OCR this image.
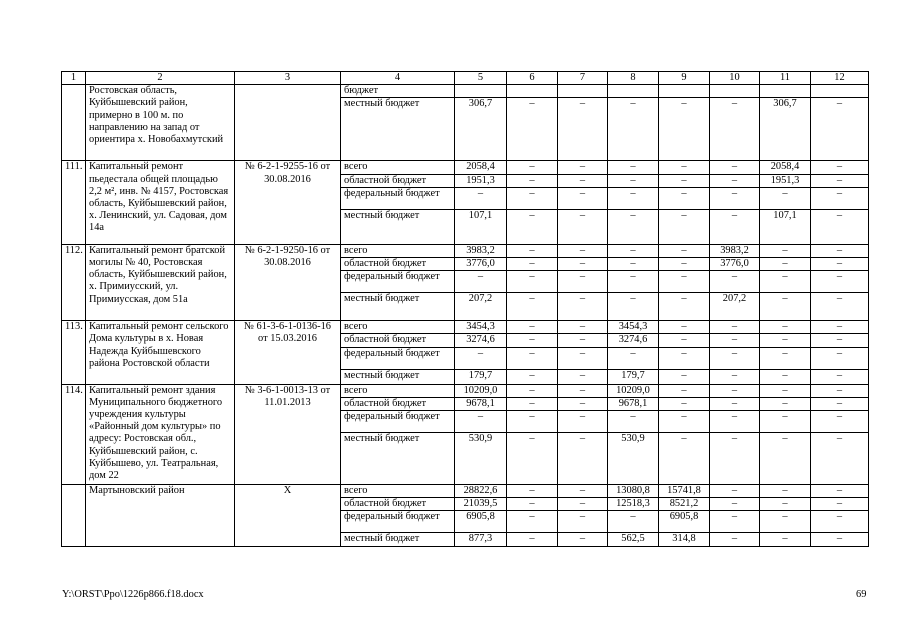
1	2	3	4	5	6	7	8	9	10	11	12
	Ростовская область, Куйбышевский район, примерно в 100 м. по направлению на запад от ориентира х. Новобахмутский		бюджет								
			местный бюджет	306,7	–	–	–	–	–	306,7	–
111.	Капитальный ремонт пьедестала общей площадью 2,2 м², инв. № 4157, Ростовская область, Куйбышевский район, х. Ленинский, ул. Садовая, дом 14а	№ 6-2-1-9255-16 от 30.08.2016	всего	2058,4	–	–	–	–	–	2058,4	–
			областной бюджет	1951,3	–	–	–	–	–	1951,3	–
			федеральный бюджет	–	–	–	–	–	–	–	–
			местный бюджет	107,1	–	–	–	–	–	107,1	–
112.	Капитальный ремонт братской могилы № 40, Ростовская область, Куйбышевский район, х. Примиусский, ул. Примиусская, дом 51а	№ 6-2-1-9250-16 от 30.08.2016	всего	3983,2	–	–	–	–	3983,2	–	–
			областной бюджет	3776,0	–	–	–	–	3776,0	–	–
			федеральный бюджет	–	–	–	–	–	–	–	–
			местный бюджет	207,2	–	–	–	–	207,2	–	–
113.	Капитальный ремонт сельского Дома культуры в х. Новая Надежда Куйбышевского района Ростовской области	№ 61-3-6-1-0136-16 от 15.03.2016	всего	3454,3	–	–	3454,3	–	–	–	–
			областной бюджет	3274,6	–	–	3274,6	–	–	–	–
			федеральный бюджет	–	–	–	–	–	–	–	–
			местный бюджет	179,7	–	–	179,7	–	–	–	–
114.	Капитальный ремонт здания Муниципального бюджетного учреждения культуры «Районный дом культуры» по адресу: Ростовская обл., Куйбышевский район, с. Куйбышево, ул. Театральная, дом 22	№ 3-6-1-0013-13 от 11.01.2013	всего	10209,0	–	–	10209,0	–	–	–	–
			областной бюджет	9678,1	–	–	9678,1	–	–	–	–
			федеральный бюджет	–	–	–	–	–	–	–	–
			местный бюджет	530,9	–	–	530,9	–	–	–	–
	Мартыновский район	Х	всего	28822,6	–	–	13080,8	15741,8	–	–	–
			областной бюджет	21039,5	–	–	12518,3	8521,2	–	–	–
			федеральный бюджет	6905,8	–	–	–	6905,8	–	–	–
			местный бюджет	877,3	–	–	562,5	314,8	–	–	–
Y:\ORST\Ppo\1226p866.f18.docx	69
